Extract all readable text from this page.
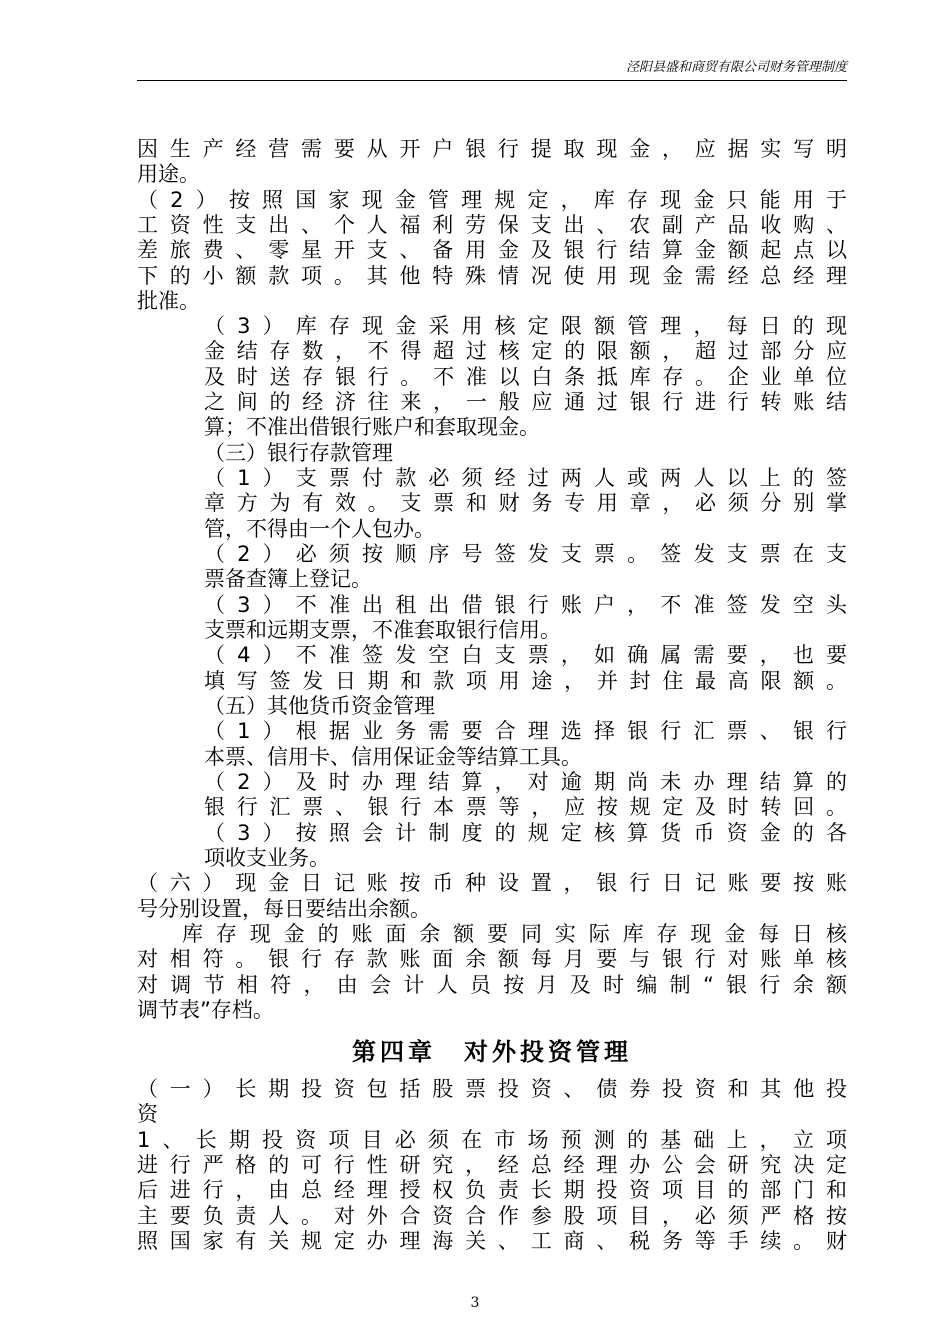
泾阳县盛和商贸有限公司财务管理制度
因生产经营需要从开户银行提取现金，应据实写明
用途。
（2）按照国家现金管理规定，库存现金只能用于
工资性支出、个人福利劳保支出、农副产品收购、
差旅费、零星开支、备用金及银行结算金额起点以
下的小额款项。其他特殊情况使用现金需经总经理
批准。
（3）库存现金采用核定限额管理，每日的现
金结存数，不得超过核定的限额，超过部分应
及时送存银行。不准以白条抵库存。企业单位
之间的经济往来，一般应通过银行进行转账结
算；不准出借银行账户和套取现金。
（三）银行存款管理
（1）支票付款必须经过两人或两人以上的签
章方为有效。支票和财务专用章，必须分别掌
管，不得由一个人包办。
（2）必须按顺序号签发支票。签发支票在支
票备查簿上登记。
（3）不准出租出借银行账户，不准签发空头
支票和远期支票，不准套取银行信用。
（4）不准签发空白支票，如确属需要，也要
填写签发日期和款项用途，并封住最高限额。
（五）其他货币资金管理
（1）根据业务需要合理选择银行汇票、银行
本票、信用卡、信用保证金等结算工具。
（2）及时办理结算，对逾期尚未办理结算的
银行汇票、银行本票等，应按规定及时转回。
（3）按照会计制度的规定核算货币资金的各
项收支业务。
（六）现金日记账按币种设置，银行日记账要按账
号分别设置，每日要结出余额。
库存现金的账面余额要同实际库存现金每日核
对相符。银行存款账面余额每月要与银行对账单核
对调节相符，由会计人员按月及时编制“银行余额
调节表”存档。
第四章　对外投资管理
（一）长期投资包括股票投资、债券投资和其他投
资
1、长期投资项目必须在市场预测的基础上，立项
进行严格的可行性研究，经总经理办公会研究决定
后进行，由总经理授权负责长期投资项目的部门和
主要负责人。对外合资合作参股项目，必须严格按
照国家有关规定办理海关、工商、税务等手续。财
3
